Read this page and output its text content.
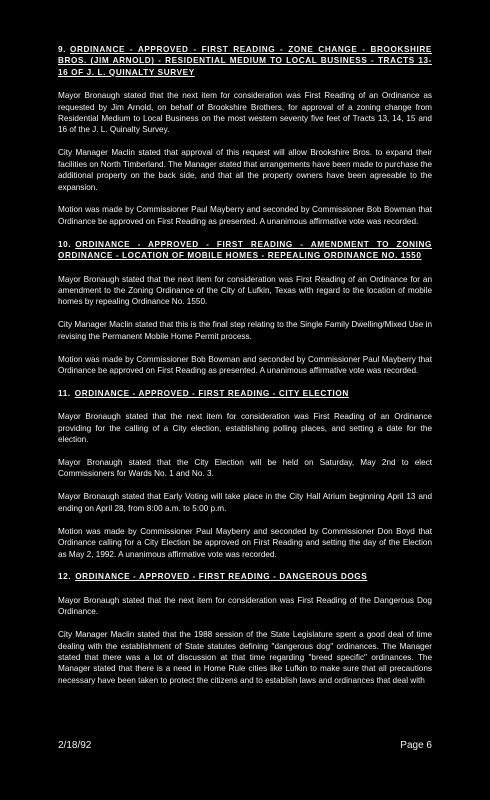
9. ORDINANCE - APPROVED - FIRST READING - ZONE CHANGE - BROOKSHIRE BROS. (JIM ARNOLD) - RESIDENTIAL MEDIUM TO LOCAL BUSINESS - TRACTS 13-16 OF J. L. QUINALTY SURVEY

Mayor Bronaugh stated that the next item for consideration was First Reading of an Ordinance as requested by Jim Arnold, on behalf of Brookshire Brothers, for approval of a zoning change from Residential Medium to Local Business on the most western seventy five feet of Tracts 13, 14, 15 and 16 of the J. L. Quinalty Survey.

City Manager Maclin stated that approval of this request will allow Brookshire Bros. to expand their facilities on North Timberland. The Manager stated that arrangements have been made to purchase the additional property on the back side, and that all the property owners have been agreeable to the expansion.

Motion was made by Commissioner Paul Mayberry and seconded by Commissioner Bob Bowman that Ordinance be approved on First Reading as presented. A unanimous affirmative vote was recorded.

10. ORDINANCE - APPROVED - FIRST READING - AMENDMENT TO ZONING ORDINANCE - LOCATION OF MOBILE HOMES - REPEALING ORDINANCE NO. 1550

Mayor Bronaugh stated that the next item for consideration was First Reading of an Ordinance for an amendment to the Zoning Ordinance of the City of Lufkin, Texas with regard to the location of mobile homes by repealing Ordinance No. 1550.

City Manager Maclin stated that this is the final step relating to the Single Family Dwelling/Mixed Use in revising the Permanent Mobile Home Permit process.

Motion was made by Commissioner Bob Bowman and seconded by Commissioner Paul Mayberry that Ordinance be approved on First Reading as presented. A unanimous affirmative vote was recorded.

11. ORDINANCE - APPROVED - FIRST READING - CITY ELECTION

Mayor Bronaugh stated that the next item for consideration was First Reading of an Ordinance providing for the calling of a City election, establishing polling places, and setting a date for the election.

Mayor Bronaugh stated that the City Election will be held on Saturday, May 2nd to elect Commissioners for Wards No. 1 and No. 3.

Mayor Bronaugh stated that Early Voting will take place in the City Hall Atrium beginning April 13 and ending on April 28, from 8:00 a.m. to 5:00 p.m.

Motion was made by Commissioner Paul Mayberry and seconded by Commissioner Don Boyd that Ordinance calling for a City Election be approved on First Reading and setting the day of the Election as May 2, 1992. A unanimous affirmative vote was recorded.

12. ORDINANCE - APPROVED - FIRST READING - DANGEROUS DOGS

Mayor Bronaugh stated that the next item for consideration was First Reading of the Dangerous Dog Ordinance.

City Manager Maclin stated that the 1988 session of the State Legislature spent a good deal of time dealing with the establishment of State statutes defining "dangerous dog" ordinances. The Manager stated that there was a lot of discussion at that time regarding "breed specific" ordinances. The Manager stated that there is a need in Home Rule cities like Lufkin to make sure that all precautions necessary have been taken to protect the citizens and to establish laws and ordinances that deal with

2/18/92	Page 6
